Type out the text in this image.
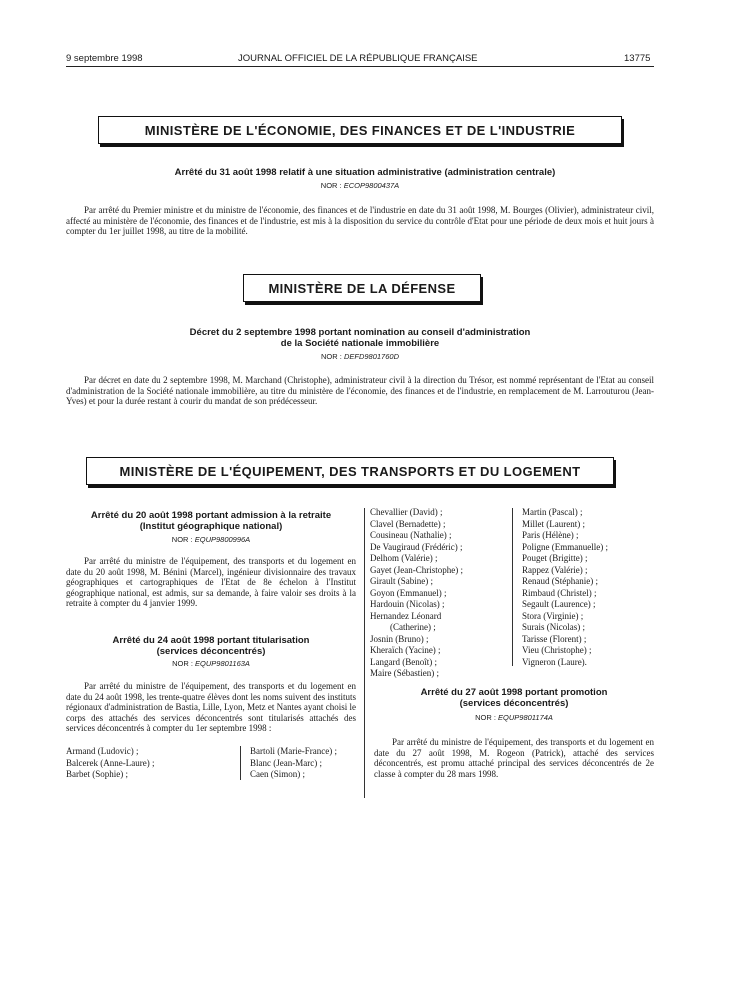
9 septembre 1998	JOURNAL OFFICIEL DE LA RÉPUBLIQUE FRANÇAISE	13775
MINISTÈRE DE L'ÉCONOMIE, DES FINANCES ET DE L'INDUSTRIE
Arrêté du 31 août 1998 relatif à une situation administrative (administration centrale)
NOR : ECOP9800437A
Par arrêté du Premier ministre et du ministre de l'économie, des finances et de l'industrie en date du 31 août 1998, M. Bourges (Olivier), administrateur civil, affecté au ministère de l'économie, des finances et de l'industrie, est mis à la disposition du service du contrôle d'Etat pour une période de deux mois et huit jours à compter du 1er juillet 1998, au titre de la mobilité.
MINISTÈRE DE LA DÉFENSE
Décret du 2 septembre 1998 portant nomination au conseil d'administration
de la Société nationale immobilière
NOR : DEFD9801760D
Par décret en date du 2 septembre 1998, M. Marchand (Christophe), administrateur civil à la direction du Trésor, est nommé représentant de l'Etat au conseil d'administration de la Société nationale immobilière, au titre du ministère de l'économie, des finances et de l'industrie, en remplacement de M. Larrouturou (Jean-Yves) et pour la durée restant à courir du mandat de son prédécesseur.
MINISTÈRE DE L'ÉQUIPEMENT, DES TRANSPORTS ET DU LOGEMENT
Arrêté du 20 août 1998 portant admission à la retraite
(Institut géographique national)
NOR : EQUP9800996A
Par arrêté du ministre de l'équipement, des transports et du logement en date du 20 août 1998, M. Bénini (Marcel), ingénieur divisionnaire des travaux géographiques et cartographiques de l'Etat de 8e échelon à l'Institut géographique national, est admis, sur sa demande, à faire valoir ses droits à la retraite à compter du 4 janvier 1999.
Arrêté du 24 août 1998 portant titularisation
(services déconcentrés)
NOR : EQUP9801163A
Par arrêté du ministre de l'équipement, des transports et du logement en date du 24 août 1998, les trente-quatre élèves dont les noms suivent des instituts régionaux d'administration de Bastia, Lille, Lyon, Metz et Nantes ayant choisi le corps des attachés des services déconcentrés sont titularisés attachés des services déconcentrés à compter du 1er septembre 1998 :
Armand (Ludovic) ;
Balcerek (Anne-Laure) ;
Barbet (Sophie) ;
Bartoli (Marie-France) ;
Blanc (Jean-Marc) ;
Caen (Simon) ;
Chevallier (David) ;
Clavel (Bernadette) ;
Cousineau (Nathalie) ;
De Vaugiraud (Frédéric) ;
Delhom (Valérie) ;
Gayet (Jean-Christophe) ;
Girault (Sabine) ;
Goyon (Emmanuel) ;
Hardouin (Nicolas) ;
Hernandez Léonard
(Catherine) ;
Josnin (Bruno) ;
Kheraïch (Yacine) ;
Langard (Benoît) ;
Maire (Sébastien) ;
Martin (Pascal) ;
Millet (Laurent) ;
Paris (Hélène) ;
Poligne (Emmanuelle) ;
Pouget (Brigitte) ;
Rappez (Valérie) ;
Renaud (Stéphanie) ;
Rimbaud (Christel) ;
Segault (Laurence) ;
Stora (Virginie) ;
Surais (Nicolas) ;
Tarisse (Florent) ;
Vieu (Christophe) ;
Vigneron (Laure).
Arrêté du 27 août 1998 portant promotion
(services déconcentrés)
NOR : EQUP9801174A
Par arrêté du ministre de l'équipement, des transports et du logement en date du 27 août 1998, M. Rogeon (Patrick), attaché des services déconcentrés, est promu attaché principal des services déconcentrés de 2e classe à compter du 28 mars 1998.
